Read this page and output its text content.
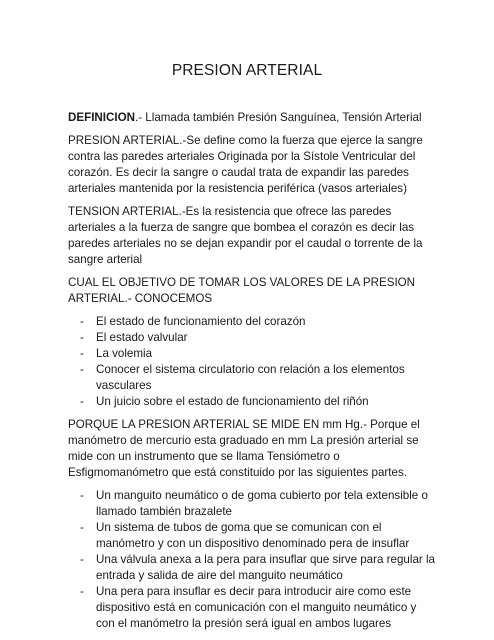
PRESION ARTERIAL

DEFINICION.- Llamada también Presión Sanguínea, Tensión Arterial

PRESION ARTERIAL.-Se define como la fuerza que ejerce la sangre contra las paredes arteriales Originada por la Sístole Ventricular del corazón. Es decir la sangre o caudal trata de expandir las paredes arteriales mantenida por la resistencia periférica (vasos arteriales)

TENSION ARTERIAL.-Es la resistencia que ofrece las paredes arteriales a la fuerza de sangre que bombea el corazón es decir las paredes arteriales no se dejan expandir por el caudal o torrente de la sangre arterial

CUAL EL OBJETIVO DE TOMAR LOS VALORES DE LA PRESION ARTERIAL.- CONOCEMOS

- El estado de funcionamiento del corazón
- El estado valvular
- La volemia
- Conocer el sistema circulatorio con relación a los elementos vasculares
- Un juicio sobre el estado de funcionamiento del riñón

PORQUE LA PRESION ARTERIAL SE MIDE EN mm Hg.- Porque el manómetro de mercurio esta graduado en mm La presión arterial se mide con un instrumento que se llama Tensiómetro o Esfigmomanómetro que está constituido por las siguientes partes.

- Un manguito neumático o de goma cubierto por tela extensible o llamado también brazalete
- Un sistema de tubos de goma que se comunican con el manómetro y con un dispositivo denominado pera de insuflar
- Una válvula anexa a la pera para insuflar que sirve para regular la entrada y salida de aire del manguito neumático
- Una pera para insuflar es decir para introducir aire como este dispositivo está en comunicación con el manguito neumático y con el manómetro la presión será igual en ambos lugares
